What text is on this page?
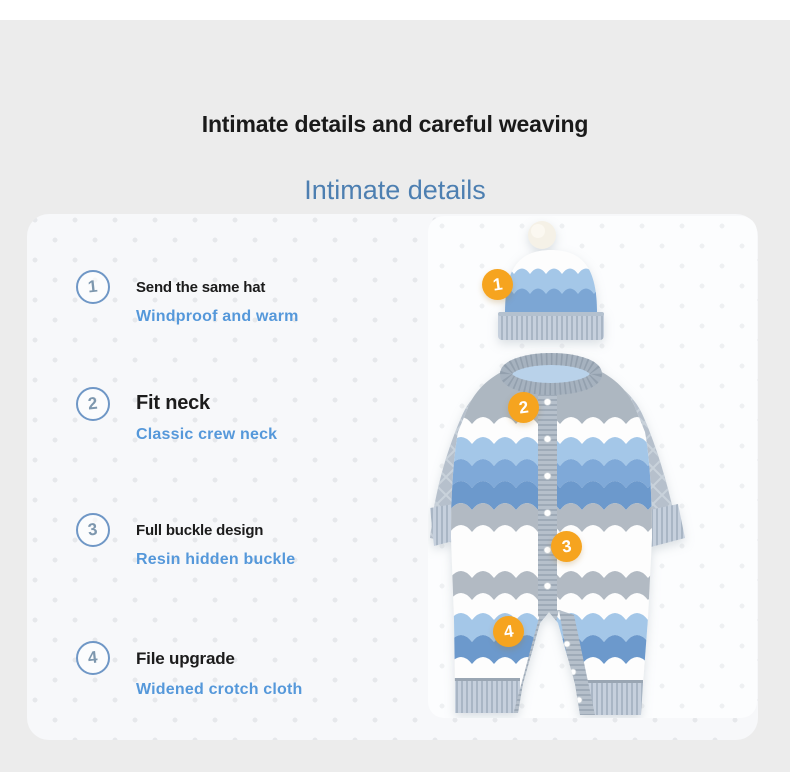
Intimate details and careful weaving
Intimate details
1 Send the same hat
Windproof and warm
2 Fit neck
Classic crew neck
3 Full buckle design
Resin hidden buckle
4 File upgrade
Widened crotch cloth
1
2
3
4
